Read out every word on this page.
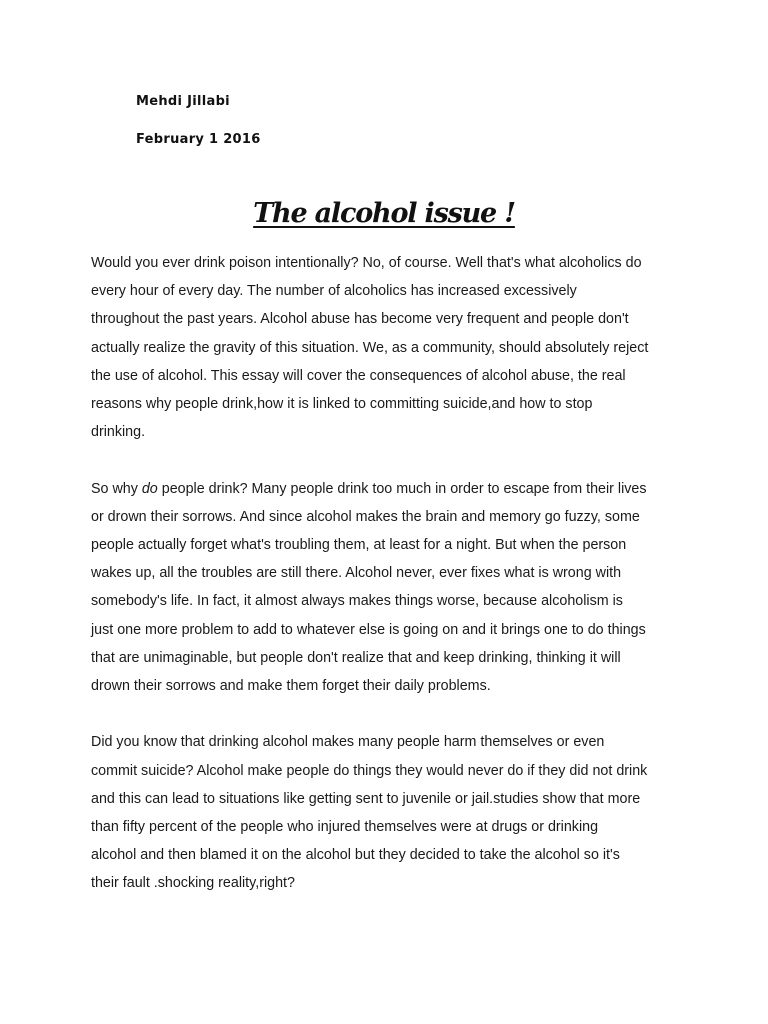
Mehdi Jillabi
February 1 2016
The alcohol issue !

Would you ever drink poison intentionally? No, of course. Well that's what alcoholics do
every hour of every day. The number of alcoholics has increased excessively
throughout the past years. Alcohol abuse has become very frequent and people don't
actually realize the gravity of this situation. We, as a community, should absolutely reject
the use of alcohol. This essay will cover the consequences of alcohol abuse, the real
reasons why people drink,how it is linked to committing suicide,and how to stop
drinking.

So why do people drink? Many people drink too much in order to escape from their lives
or drown their sorrows. And since alcohol makes the brain and memory go fuzzy, some
people actually forget what's troubling them, at least for a night. But when the person
wakes up, all the troubles are still there. Alcohol never, ever fixes what is wrong with
somebody's life. In fact, it almost always makes things worse, because alcoholism is
just one more problem to add to whatever else is going on and it brings one to do things
that are unimaginable, but people don't realize that and keep drinking, thinking it will
drown their sorrows and make them forget their daily problems.

Did you know that drinking alcohol makes many people harm themselves or even
commit suicide? Alcohol make people do things they would never do if they did not drink
and this can lead to situations like getting sent to juvenile or jail.studies show that more
than fifty percent of the people who injured themselves were at drugs or drinking
alcohol and then blamed it on the alcohol but they decided to take the alcohol so it's
their fault .shocking reality,right?
